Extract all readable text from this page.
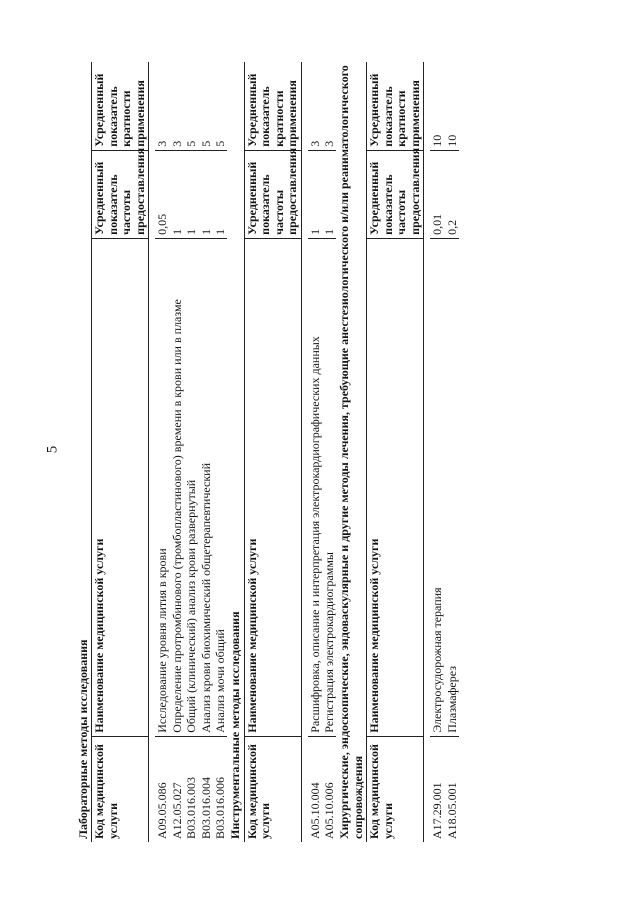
5
Лабораторные методы исследования			
Код медицинской услуги	Наименование медицинской услуги	Усредненный показатель частоты предоставления	Усредненный показатель кратности применения

A09.05.086	Исследование уровня лития в крови	0,05	3
A12.05.027	Определение протромбинового (тромбопластинового) времени в крови или в плазме	1	3
B03.016.003	Общий (клинический) анализ крови развернутый	1	5
B03.016.004	Анализ крови биохимический общетерапевтический	1	5
B03.016.006	Анализ мочи общий	1	5
Инструментальные методы исследования			
Код медицинской услуги	Наименование медицинской услуги	Усредненный показатель частоты предоставления	Усредненный показатель кратности применения

A05.10.004	Расшифровка, описание и интерпретация электрокардиографических данных	1	3
A05.10.006	Регистрация электрокардиограммы	1	3
Хирургические, эндоскопические, эндоваскулярные и другие методы лечения, требующие анестезиологического и/или реаниматологического сопровождения			
Код медицинской услуги	Наименование медицинской услуги	Усредненный показатель частоты предоставления	Усредненный показатель кратности применения

A17.29.001	Электросудорожная терапия	0,01	10
A18.05.001	Плазмаферез	0,2	10
